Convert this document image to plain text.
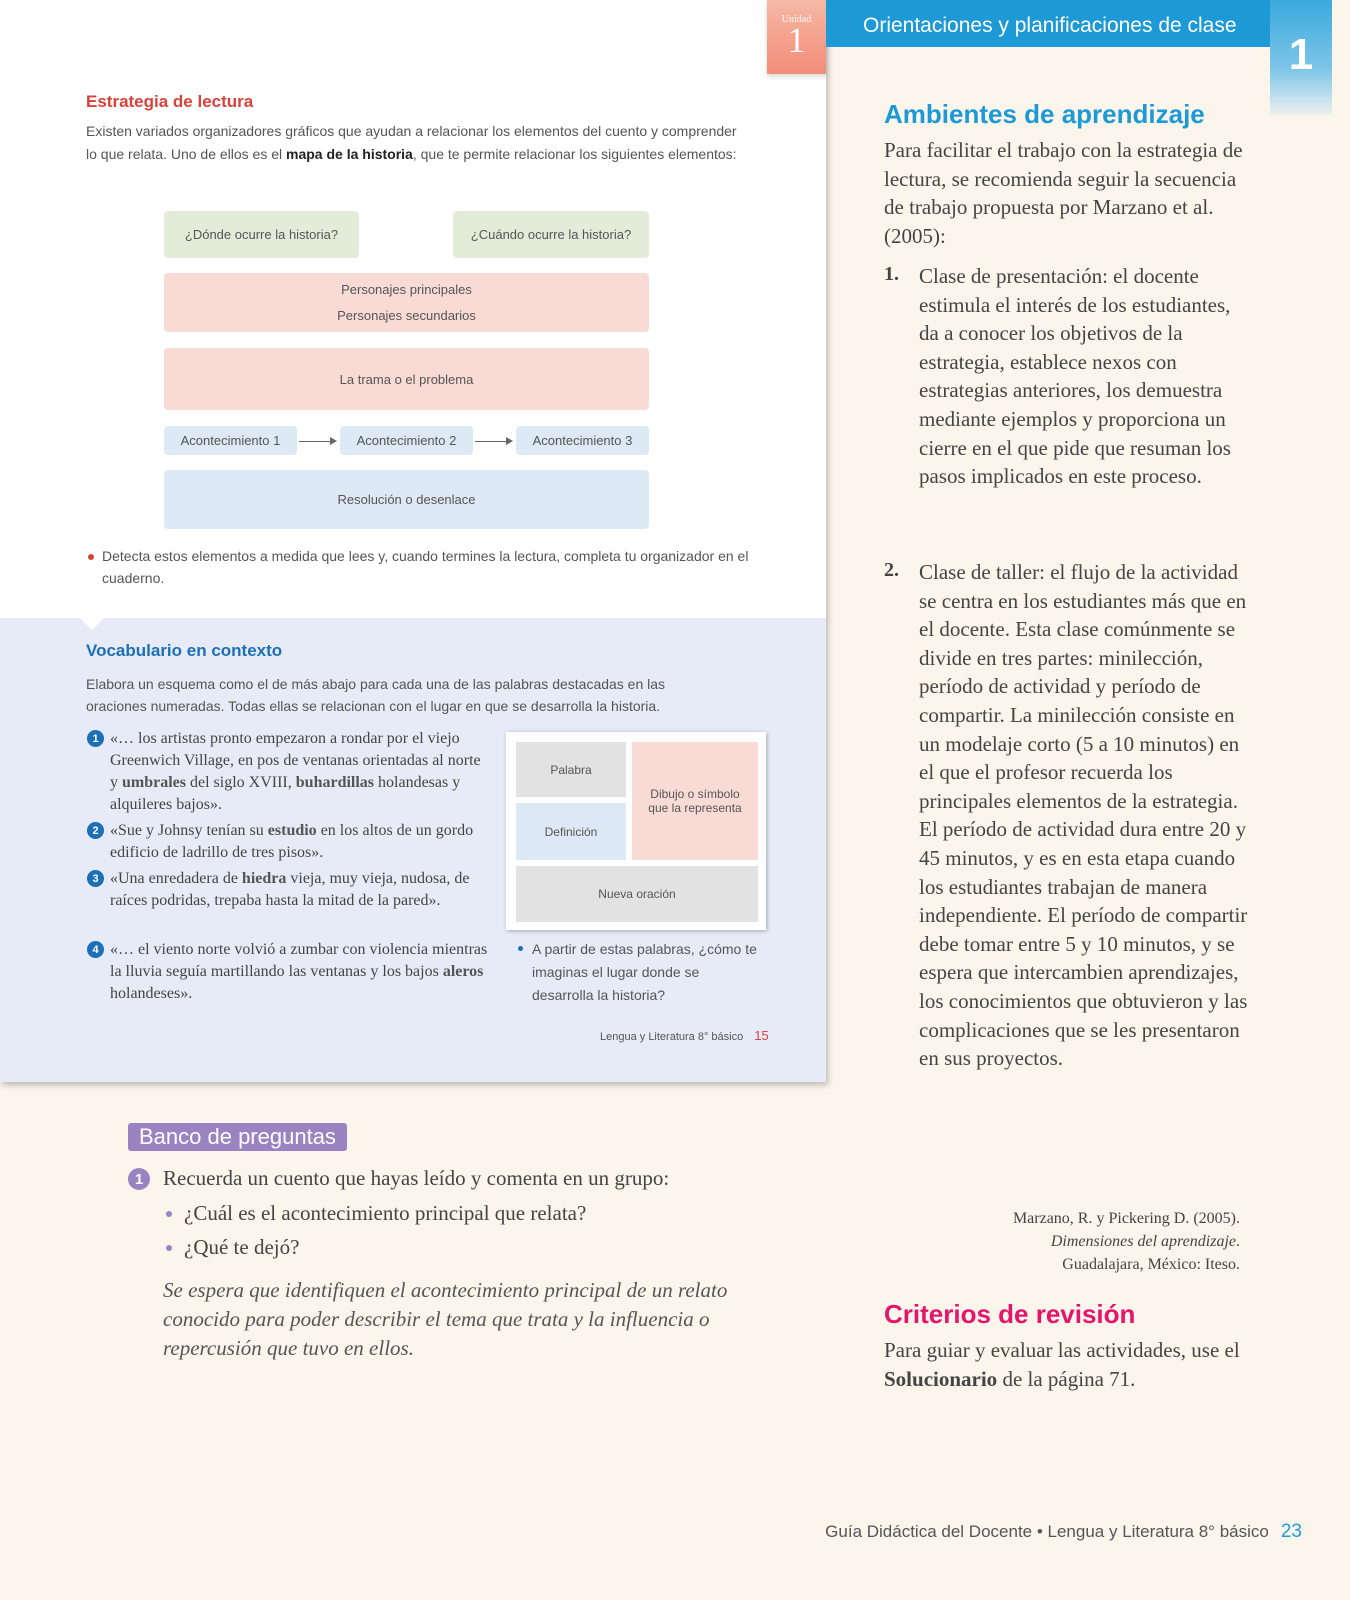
Unidad
1
Estrategia de lectura
Existen variados organizadores gráficos que ayudan a relacionar los elementos del cuento y comprender lo que relata. Uno de ellos es el mapa de la historia, que te permite relacionar los siguientes elementos:
¿Dónde ocurre la historia?	¿Cuándo ocurre la historia?
Personajes principales
Personajes secundarios
La trama o el problema
Acontecimiento 1	Acontecimiento 2	Acontecimiento 3
Resolución o desenlace
Detecta estos elementos a medida que lees y, cuando termines la lectura, completa tu organizador en el cuaderno.
Vocabulario en contexto
Elabora un esquema como el de más abajo para cada una de las palabras destacadas en las oraciones numeradas. Todas ellas se relacionan con el lugar en que se desarrolla la historia.
1 «… los artistas pronto empezaron a rondar por el viejo Greenwich Village, en pos de ventanas orientadas al norte y umbrales del siglo XVIII, buhardillas holandesas y alquileres bajos».
2 «Sue y Johnsy tenían su estudio en los altos de un gordo edificio de ladrillo de tres pisos».
3 «Una enredadera de hiedra vieja, muy vieja, nudosa, de raíces podridas, trepaba hasta la mitad de la pared».
4 «… el viento norte volvió a zumbar con violencia mientras la lluvia seguía martillando las ventanas y los bajos aleros holandeses».
Palabra
Definición
Dibujo o símbolo que la representa
Nueva oración
A partir de estas palabras, ¿cómo te imaginas el lugar donde se desarrolla la historia?
Lengua y Literatura 8° básico 15
Banco de preguntas
1 Recuerda un cuento que hayas leído y comenta en un grupo:
¿Cuál es el acontecimiento principal que relata?
¿Qué te dejó?
Se espera que identifiquen el acontecimiento principal de un relato conocido para poder describir el tema que trata y la influencia o repercusión que tuvo en ellos.
Orientaciones y planificaciones de clase
1
Ambientes de aprendizaje
Para facilitar el trabajo con la estrategia de lectura, se recomienda seguir la secuencia de trabajo propuesta por Marzano et al. (2005):
1. Clase de presentación: el docente estimula el interés de los estudiantes, da a conocer los objetivos de la estrategia, establece nexos con estrategias anteriores, los demuestra mediante ejemplos y proporciona un cierre en el que pide que resuman los pasos implicados en este proceso.
2. Clase de taller: el flujo de la actividad se centra en los estudiantes más que en el docente. Esta clase comúnmente se divide en tres partes: minilección, período de actividad y período de compartir. La minilección consiste en un modelaje corto (5 a 10 minutos) en el que el profesor recuerda los principales elementos de la estrategia. El período de actividad dura entre 20 y 45 minutos, y es en esta etapa cuando los estudiantes trabajan de manera independiente. El período de compartir debe tomar entre 5 y 10 minutos, y se espera que intercambien aprendizajes, los conocimientos que obtuvieron y las complicaciones que se les presentaron en sus proyectos.
Marzano, R. y Pickering D. (2005).
Dimensiones del aprendizaje.
Guadalajara, México: Iteso.
Criterios de revisión
Para guiar y evaluar las actividades, use el Solucionario de la página 71.
Guía Didáctica del Docente • Lengua y Literatura 8° básico 23
